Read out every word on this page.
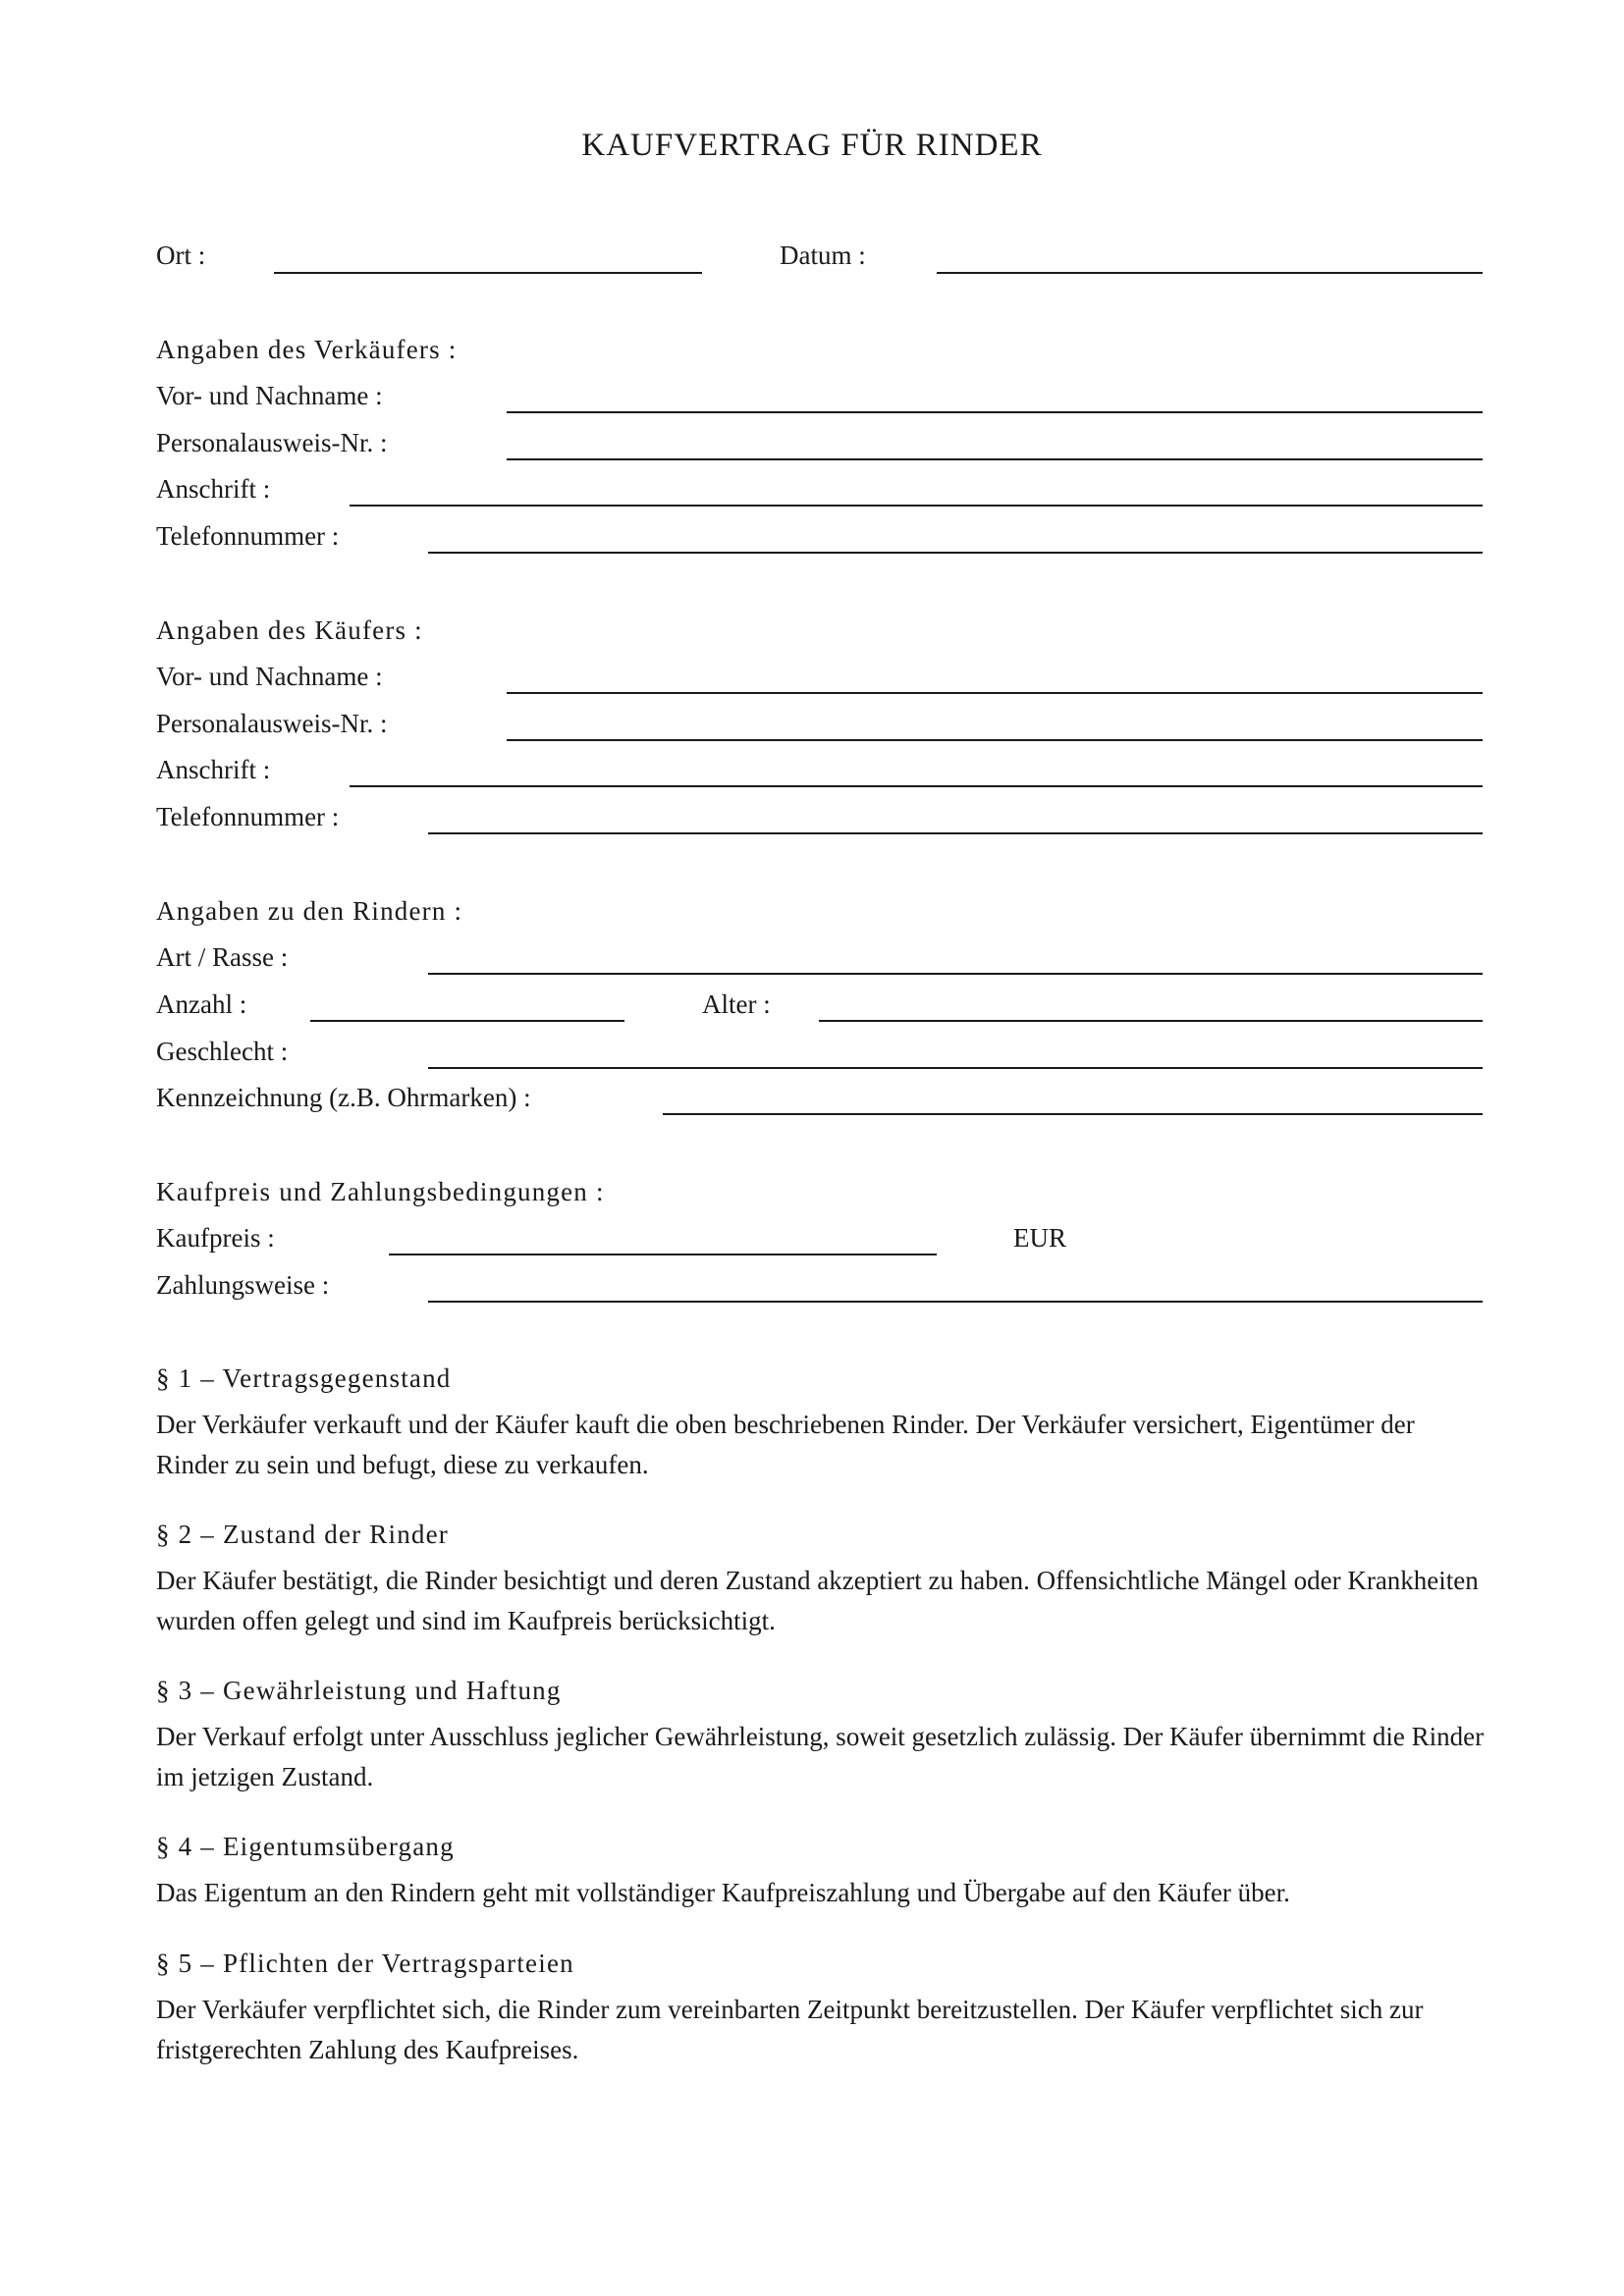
KAUFVERTRAG FÜR RINDER
Ort :	Datum :
Angaben des Verkäufers :
Vor- und Nachname :
Personalausweis-Nr. :
Anschrift :
Telefonnummer :
Angaben des Käufers :
Vor- und Nachname :
Personalausweis-Nr. :
Anschrift :
Telefonnummer :
Angaben zu den Rindern :
Art / Rasse :
Anzahl :	Alter :
Geschlecht :
Kennzeichnung (z.B. Ohrmarken) :
Kaufpreis und Zahlungsbedingungen :
Kaufpreis :	EUR
Zahlungsweise :
§ 1 – Vertragsgegenstand
Der Verkäufer verkauft und der Käufer kauft die oben beschriebenen Rinder. Der Verkäufer versichert, Eigentümer der Rinder zu sein und befugt, diese zu verkaufen.
§ 2 – Zustand der Rinder
Der Käufer bestätigt, die Rinder besichtigt und deren Zustand akzeptiert zu haben. Offensichtliche Mängel oder Krankheiten wurden offen gelegt und sind im Kaufpreis berücksichtigt.
§ 3 – Gewährleistung und Haftung
Der Verkauf erfolgt unter Ausschluss jeglicher Gewährleistung, soweit gesetzlich zulässig. Der Käufer übernimmt die Rinder im jetzigen Zustand.
§ 4 – Eigentumsübergang
Das Eigentum an den Rindern geht mit vollständiger Kaufpreiszahlung und Übergabe auf den Käufer über.
§ 5 – Pflichten der Vertragsparteien
Der Verkäufer verpflichtet sich, die Rinder zum vereinbarten Zeitpunkt bereitzustellen. Der Käufer verpflichtet sich zur fristgerechten Zahlung des Kaufpreises.
